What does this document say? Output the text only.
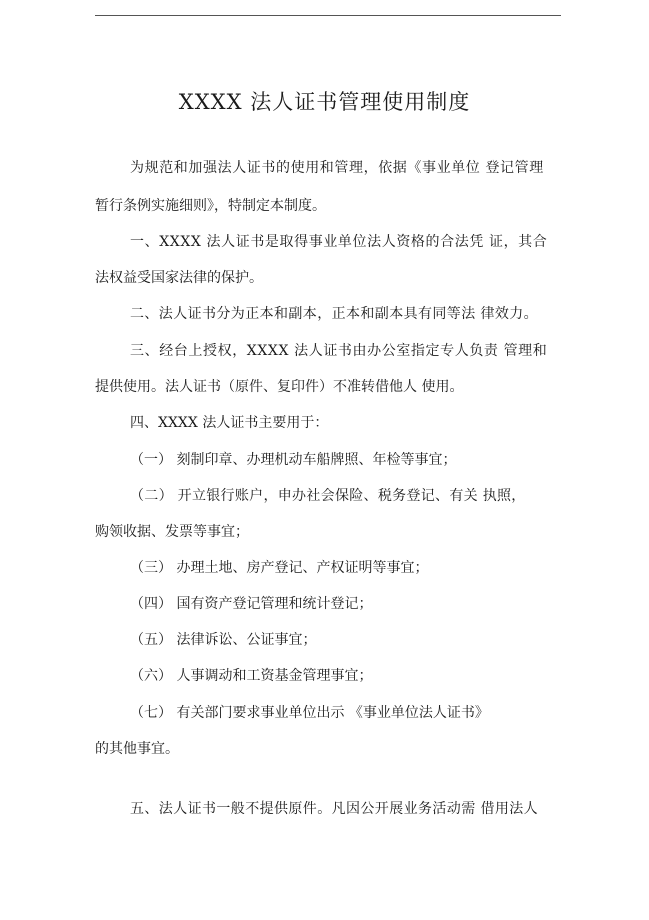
XXXX 法人证书管理使用制度
为规范和加强法人证书的使用和管理，依据《事业单位 登记管理
暂行条例实施细则》，特制定本制度。
一、XXXX 法人证书是取得事业单位法人资格的合法凭 证，其合
法权益受国家法律的保护。
二、法人证书分为正本和副本，正本和副本具有同等法 律效力。
三、经台上授权，XXXX 法人证书由办公室指定专人负责 管理和
提供使用。法人证书（原件、复印件）不准转借他人 使用。
四、XXXX 法人证书主要用于：
（一） 刻制印章、办理机动车船牌照、年检等事宜；
（二） 开立银行账户，申办社会保险、税务登记、有关 执照，
购领收据、发票等事宜；
（三） 办理土地、房产登记、产权证明等事宜；
（四） 国有资产登记管理和统计登记；
（五） 法律诉讼、公证事宜；
（六） 人事调动和工资基金管理事宜；
（七） 有关部门要求事业单位出示 《事业单位法人证书》
的其他事宜。
五、法人证书一般不提供原件。凡因公开展业务活动需 借用法人
